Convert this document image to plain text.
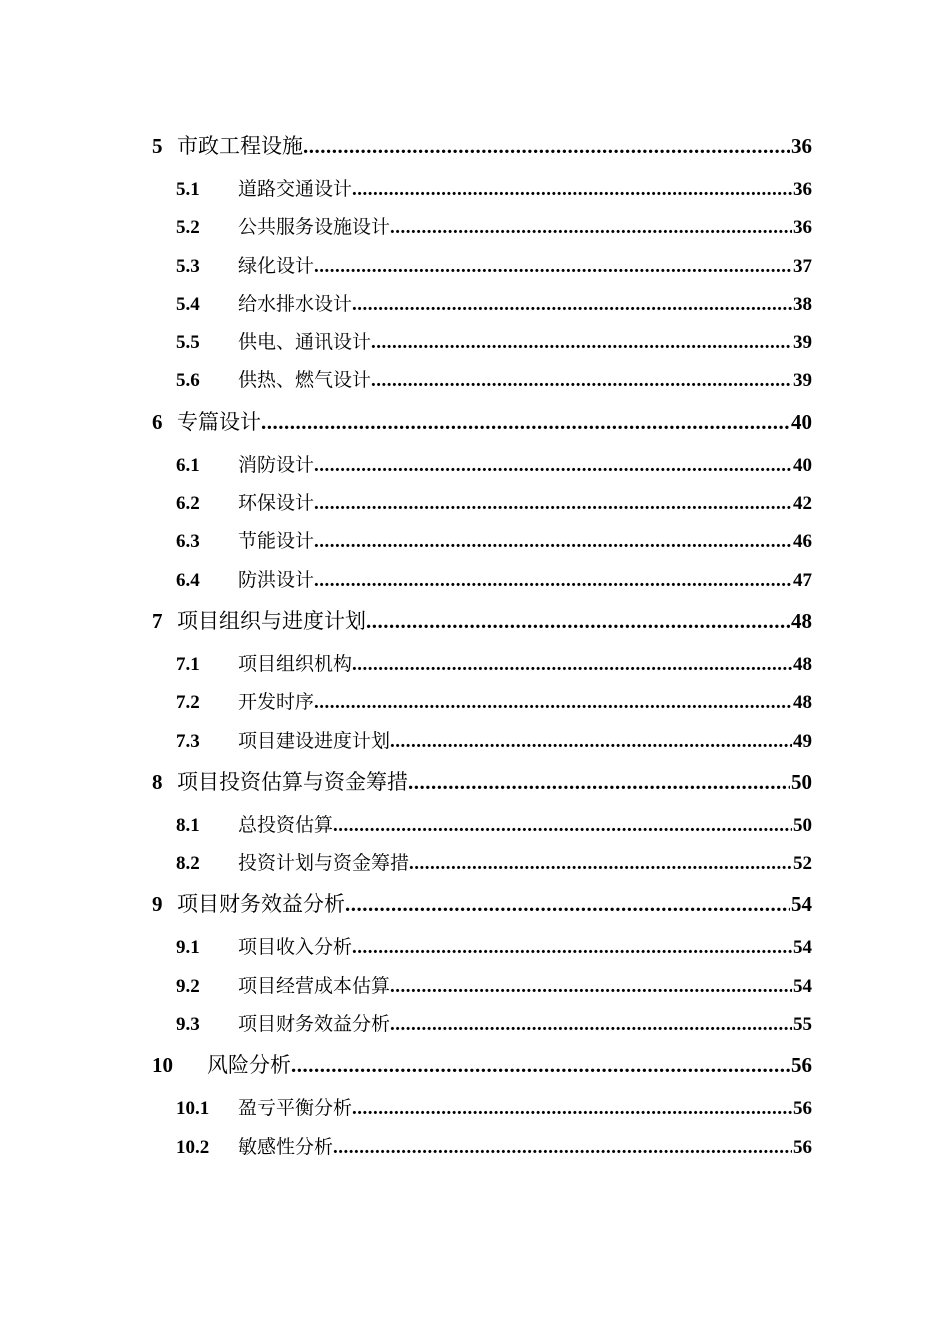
5 市政工程设施 .....	36
5.1	道路交通设计 .....	36
5.2	公共服务设施设计 .....	36
5.3	绿化设计 .....	37
5.4	给水排水设计 .....	38
5.5	供电、通讯设计 .....	39
5.6	供热、燃气设计 .....	39
6 专篇设计 .....	40
6.1	消防设计 .....	40
6.2	环保设计 .....	42
6.3	节能设计 .....	46
6.4	防洪设计 .....	47
7 项目组织与进度计划 .....	48
7.1	项目组织机构 .....	48
7.2	开发时序 .....	48
7.3	项目建设进度计划 .....	49
8 项目投资估算与资金筹措 .....	50
8.1	总投资估算 .....	50
8.2	投资计划与资金筹措 .....	52
9 项目财务效益分析 .....	54
9.1	项目收入分析 .....	54
9.2	项目经营成本估算 .....	54
9.3	项目财务效益分析 .....	55
10	风险分析 .....	56
10.1	盈亏平衡分析 .....	56
10.2	敏感性分析 .....	56
